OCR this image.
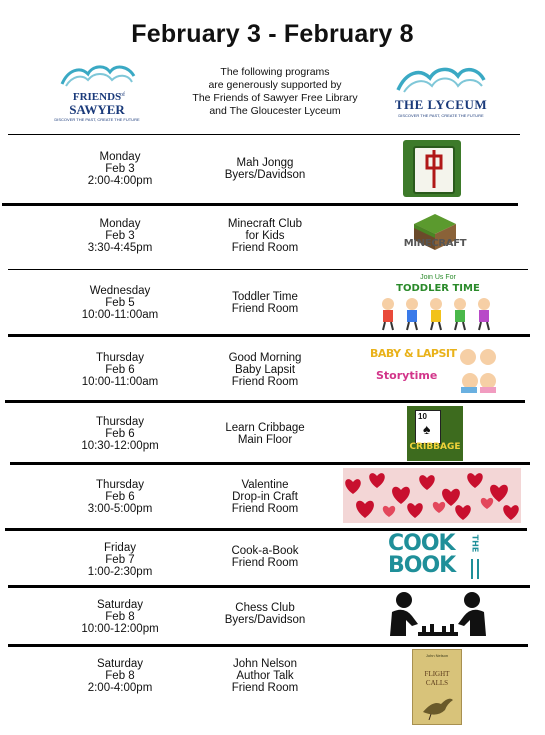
February 3 - February 8
FRIENDS
of
SAWYER
DISCOVER THE PAST, CREATE THE FUTURE
The following programs
are generously supported by
The Friends of Sawyer Free Library
and The Gloucester Lyceum	THE LYCEUM
DISCOVER THE PAST, CREATE THE FUTURE
Monday
Feb 3
2:00-4:00pm
Mah Jongg
Byers/Davidson
Monday
Feb 3
3:30-4:45pm
Minecraft Club
for Kids
Friend Room	MINECRAFT
Wednesday
Feb 5
10:00-11:00am
Toddler Time
Friend Room
Join Us For
TODDLER TIME
Thursday
Feb 6
10:00-11:00am
Good Morning
Baby Lapsit
Friend Room
BABY & LAPSIT
Storytime
Thursday
Feb 6
10:30-12:00pm
Learn Cribbage
Main Floor
10
♠
CRIBBAGE
Thursday
Feb 6
3:00-5:00pm
Valentine
Drop-in Craft
Friend Room
Friday
Feb 7
1:00-2:30pm
Cook-a-Book
Friend Room
COOK
BOOK
THE
Saturday
Feb 8
10:00-12:00pm
Chess Club
Byers/Davidson
Saturday
Feb 8
2:00-4:00pm
John Nelson
Author Talk
Friend Room
John Nelson
FLIGHT
CALLS
